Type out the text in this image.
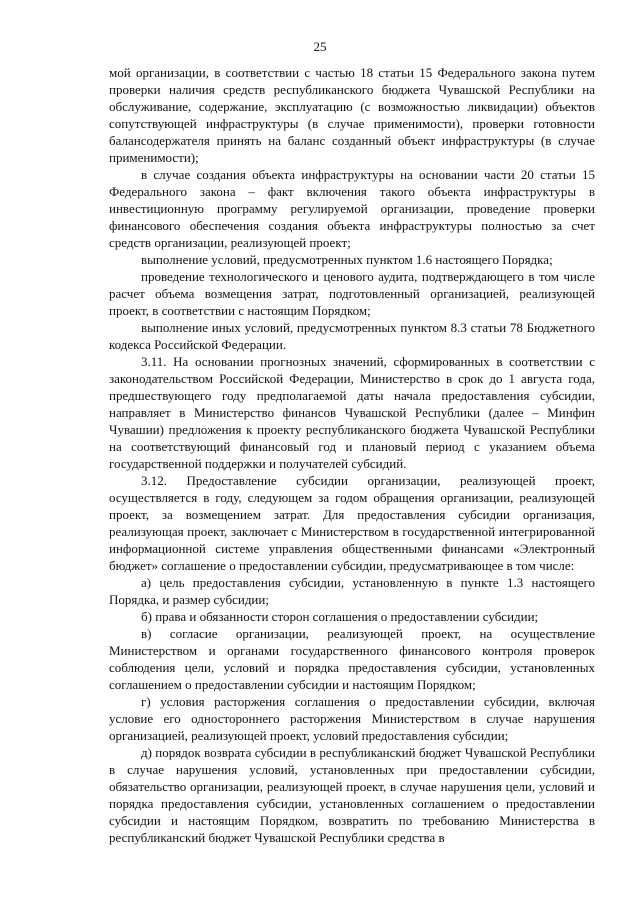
25

мой организации, в соответствии с частью 18 статьи 15 Федерального закона путем проверки наличия средств республиканского бюджета Чувашской Республики на обслуживание, содержание, эксплуатацию (с возможностью ликвидации) объектов сопутствующей инфраструктуры (в случае применимости), проверки готовности балансодержателя принять на баланс созданный объект инфраструктуры (в случае применимости);

в случае создания объекта инфраструктуры на основании части 20 статьи 15 Федерального закона – факт включения такого объекта инфраструктуры в инвестиционную программу регулируемой организации, проведение проверки финансового обеспечения создания объекта инфраструктуры полностью за счет средств организации, реализующей проект;

выполнение условий, предусмотренных пунктом 1.6 настоящего Порядка;

проведение технологического и ценового аудита, подтверждающего в том числе расчет объема возмещения затрат, подготовленный организацией, реализующей проект, в соответствии с настоящим Порядком;

выполнение иных условий, предусмотренных пунктом 8.3 статьи 78 Бюджетного кодекса Российской Федерации.

3.11. На основании прогнозных значений, сформированных в соответствии с законодательством Российской Федерации, Министерство в срок до 1 августа года, предшествующего году предполагаемой даты начала предоставления субсидии, направляет в Министерство финансов Чувашской Республики (далее – Минфин Чувашии) предложения к проекту республиканского бюджета Чувашской Республики на соответствующий финансовый год и плановый период с указанием объема государственной поддержки и получателей субсидий.

3.12. Предоставление субсидии организации, реализующей проект, осуществляется в году, следующем за годом обращения организации, реализующей проект, за возмещением затрат. Для предоставления субсидии организация, реализующая проект, заключает с Министерством в государственной интегрированной информационной системе управления общественными финансами «Электронный бюджет» соглашение о предоставлении субсидии, предусматривающее в том числе:

а) цель предоставления субсидии, установленную в пункте 1.3 настоящего Порядка, и размер субсидии;

б) права и обязанности сторон соглашения о предоставлении субсидии;

в) согласие организации, реализующей проект, на осуществление Министерством и органами государственного финансового контроля проверок соблюдения цели, условий и порядка предоставления субсидии, установленных соглашением о предоставлении субсидии и настоящим Порядком;

г) условия расторжения соглашения о предоставлении субсидии, включая условие его одностороннего расторжения Министерством в случае нарушения организацией, реализующей проект, условий предоставления субсидии;

д) порядок возврата субсидии в республиканский бюджет Чувашской Республики в случае нарушения условий, установленных при предоставлении субсидии, обязательство организации, реализующей проект, в случае нарушения цели, условий и порядка предоставления субсидии, установленных соглашением о предоставлении субсидии и настоящим Порядком, возвратить по требованию Министерства в республиканский бюджет Чувашской Республики средства в
